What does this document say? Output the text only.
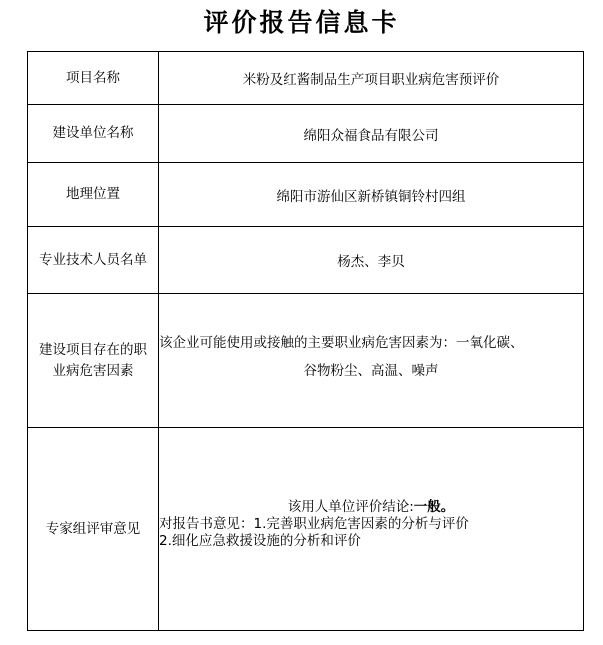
评价报告信息卡
项目名称	米粉及红酱制品生产项目职业病危害预评价
建设单位名称	绵阳众福食品有限公司
地理位置	绵阳市游仙区新桥镇铜铃村四组
专业技术人员名单	杨杰、李贝
建设项目存在的职
业病危害因素	该企业可能使用或接触的主要职业病危害因素为：一氧化碳、
谷物粉尘、高温、噪声

专家组评审意见	该用人单位评价结论:一般。
对报告书意见：1.完善职业病危害因素的分析与评价
2.细化应急救援设施的分析和评价
